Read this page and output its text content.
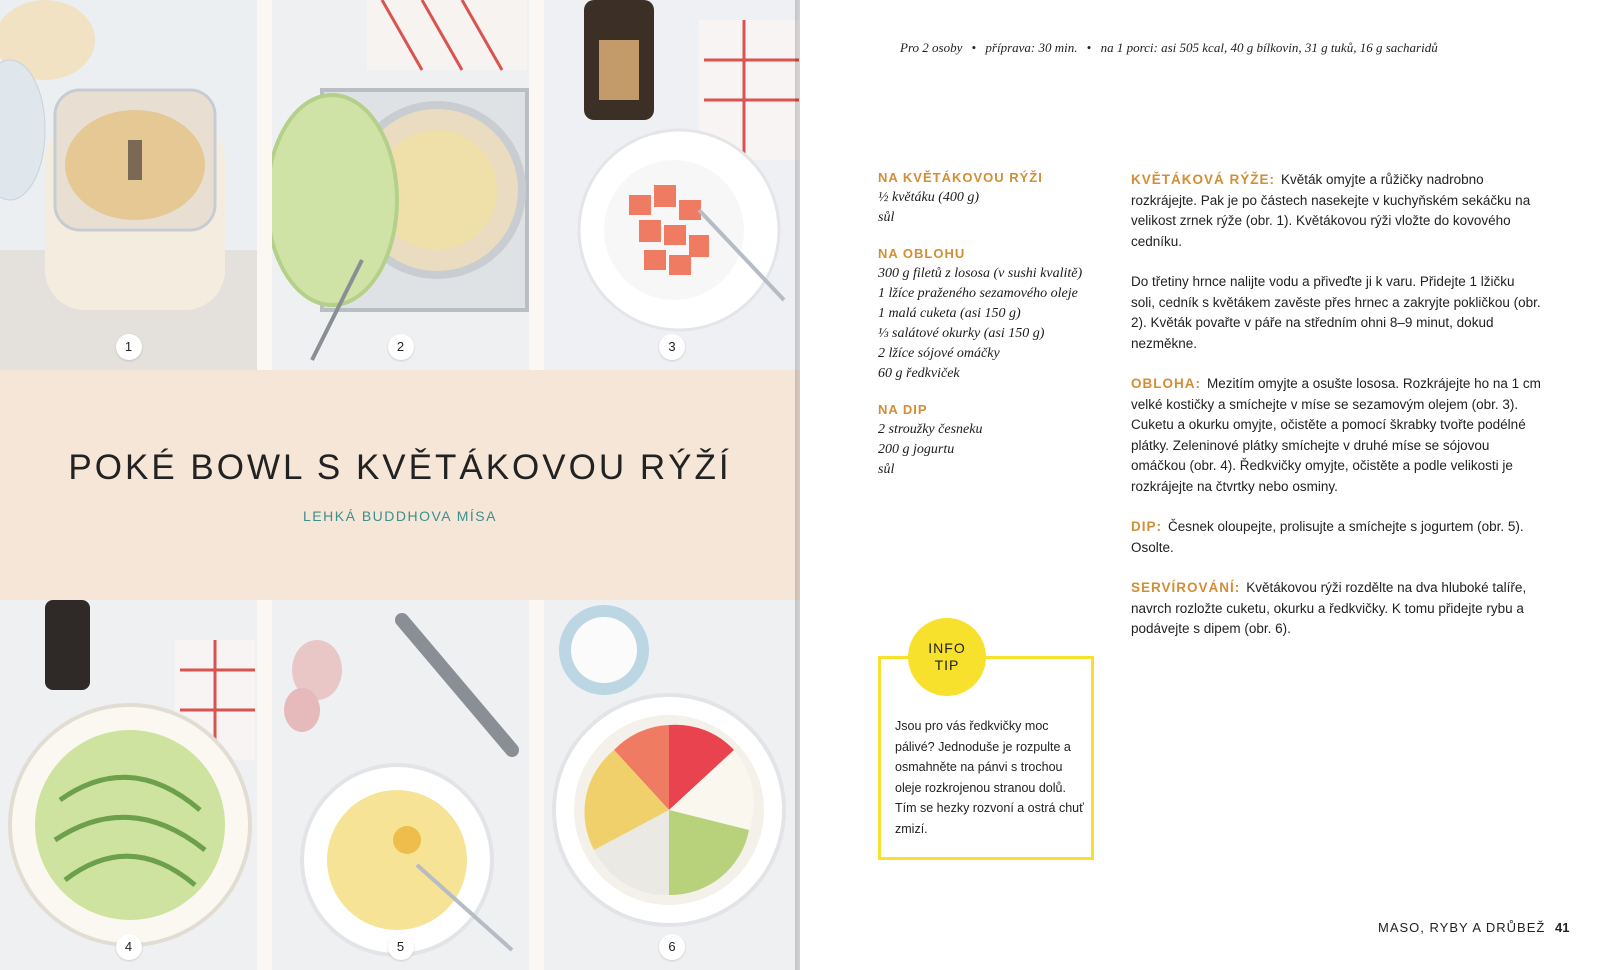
1	2	3
POKÉ BOWL S KVĚTÁKOVOU RÝŽÍ
LEHKÁ BUDDHOVA MÍSA
4	5	6
Pro 2 osoby • příprava: 30 min. • na 1 porci: asi 505 kcal, 40 g bílkovin, 31 g tuků, 16 g sacharidů
NA KVĚTÁKOVOU RÝŽI
½ květáku (400 g)
sůl
NA OBLOHU
300 g filetů z lososa (v sushi kvalitě)
1 lžíce praženého sezamového oleje
1 malá cuketa (asi 150 g)
⅓ salátové okurky (asi 150 g)
2 lžíce sójové omáčky
60 g ředkviček
NA DIP
2 stroužky česneku
200 g jogurtu
sůl

KVĚTÁKOVÁ RÝŽE: Květák omyjte a růžičky nadrobno rozkrájejte. Pak je po částech nasekejte v kuchyňském sekáčku na velikost zrnek rýže (obr. 1). Květákovou rýži vložte do kovového cedníku.

Do třetiny hrnce nalijte vodu a přiveďte ji k varu. Přidejte 1 lžičku soli, cedník s květákem zavěste přes hrnec a zakryjte pokličkou (obr. 2). Květák povařte v páře na středním ohni 8–9 minut, dokud nezměkne.

OBLOHA: Mezitím omyjte a osušte lososa. Rozkrájejte ho na 1 cm velké kostičky a smíchejte v míse se sezamovým olejem (obr. 3). Cuketu a okurku omyjte, očistěte a pomocí škrabky tvořte podélné plátky. Zeleninové plátky smíchejte v druhé míse se sójovou omáčkou (obr. 4). Ředkvičky omyjte, očistěte a podle velikosti je rozkrájejte na čtvrtky nebo osminy.

DIP: Česnek oloupejte, prolisujte a smíchejte s jogurtem (obr. 5). Osolte.

SERVÍROVÁNÍ: Květákovou rýži rozdělte na dva hluboké talíře, navrch rozložte cuketu, okurku a ředkvičky. K tomu přidejte rybu a podávejte s dipem (obr. 6).

INFO
TIP
Jsou pro vás ředkvičky moc pálivé? Jednoduše je rozpulte a osmahněte na pánvi s trochou oleje rozkrojenou stranou dolů. Tím se hezky rozvoní a ostrá chuť zmizí.
MASO, RYBY A DRŮBEŽ 41
